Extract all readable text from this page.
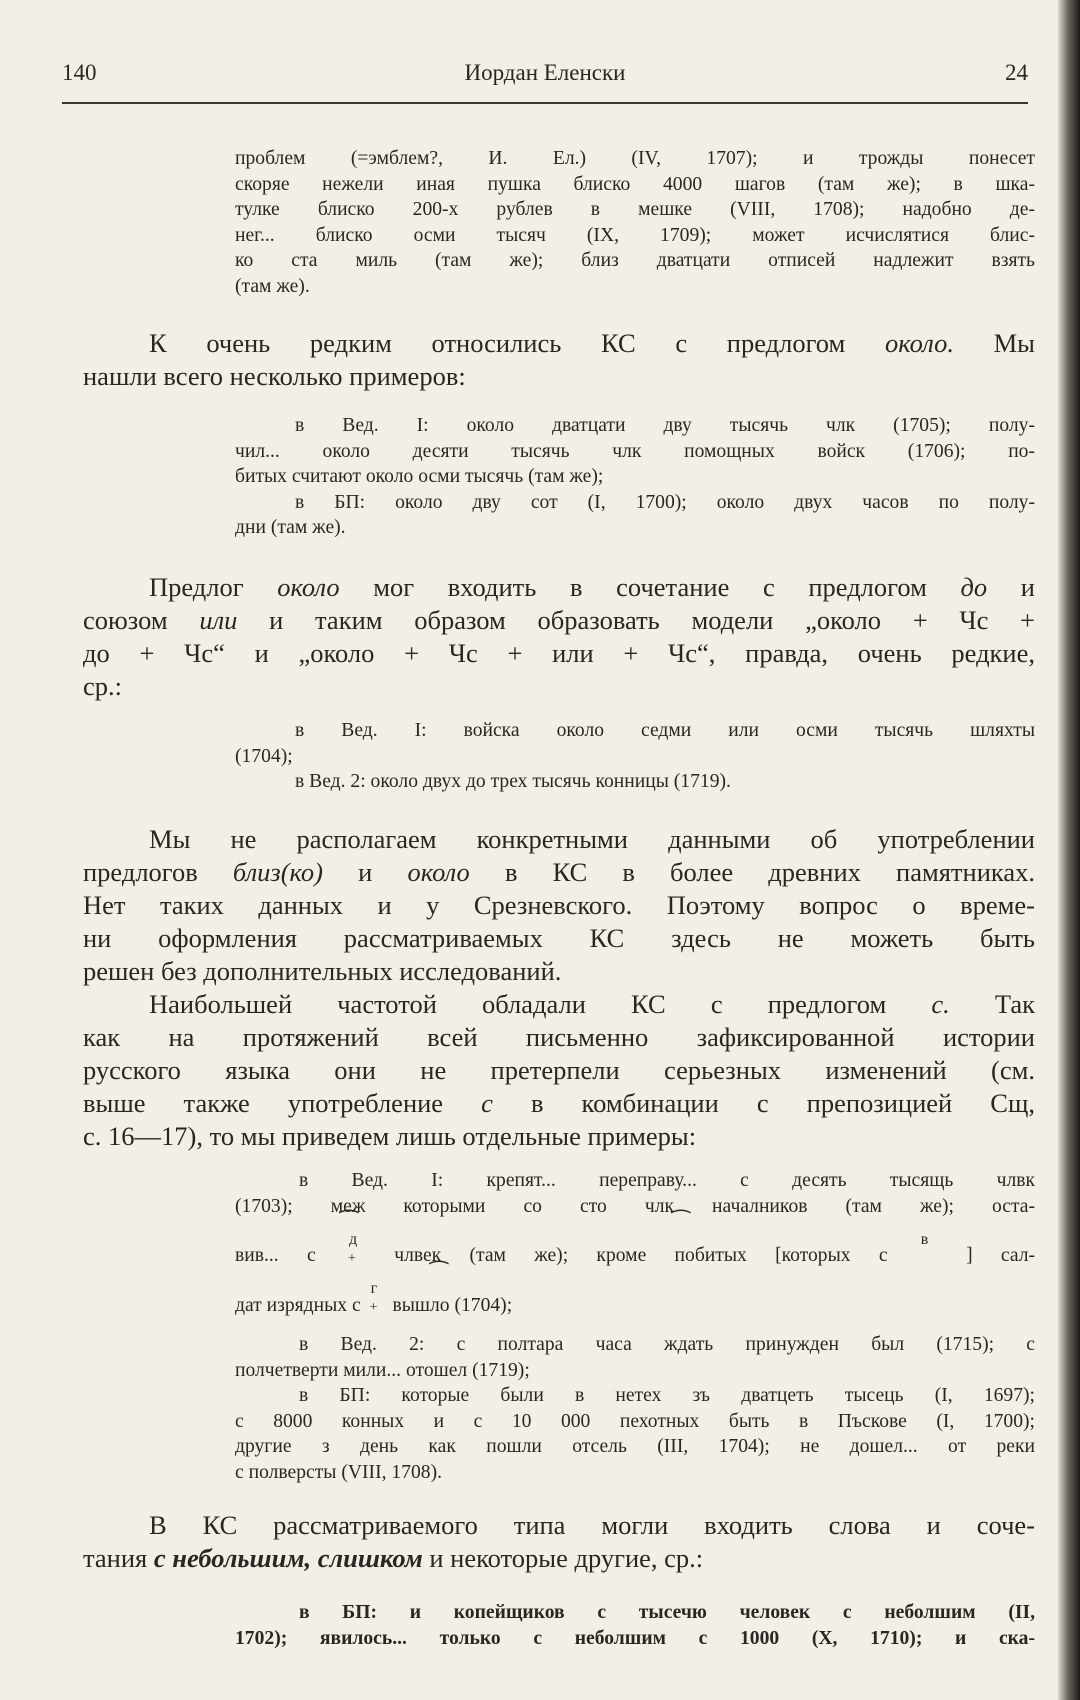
140	Иордан Еленски	24
проблем (=эмблем?, И. Ел.) (IV, 1707); и трожды понесет
скоряе нежели иная пушка блиско 4000 шагов (там же); в шка-
тулке блиско 200-х рублев в мешке (VIII, 1708); надобно де-
нег... блиско осми тысяч (IX, 1709); может исчислятися блис-
ко ста миль (там же); близ дватцати отписей надлежит взять
(там же).
К очень редким относились КС с предлогом около. Мы
нашли всего несколько примеров:
в Вед. I: около дватцати дву тысячь члк (1705); полу-
чил... около десяти тысячь члк помощных войск (1706); по-
битых считают около осми тысячь (там же);
в БП: около дву сот (I, 1700); около двух часов по полу-
дни (там же).
Предлог около мог входить в сочетание с предлогом до и
союзом или и таким образом образовать модели „около + Чс +
до + Чс“ и „около + Чс + или + Чс“, правда, очень редкие,
ср.:
в Вед. I: войска около седми или осми тысячь шляхты
(1704);
в Вед. 2: около двух до трех тысячь конницы (1719).
Мы не располагаем конкретными данными об употреблении
предлогов близ(ко) и около в КС в более древних памятниках.
Нет таких данных и у Срезневского. Поэтому вопрос о време-
ни оформления рассматриваемых КС здесь не можеть быть
решен без дополнительных исследований.
Наибольшей частотой обладали КС с предлогом с. Так
как на протяжений всей письменно зафиксированной истории
русского языка они не претерпели серьезных изменений (см.
выше также употребление с в комбинации с препозицией Сщ,
с. 16—17), то мы приведем лишь отдельные примеры:
в Вед. I: крепят... переправу... с десять тысящь члвк
(1703); меж которыми со сто члк началников (там же); оста-
вив... с
д
+ члвек (там же); кроме побитых [которых с
в
] сал-
дат изрядных с
г
+ вышло (1704);
⁀	⁀
⁀
в Вед. 2: с полтара часа ждать принужден был (1715); с
полчетверти мили... отошел (1719);
в БП: которые были в нетех зъ дватцеть тысець (I, 1697);
с 8000 конных и с 10 000 пехотных быть в Пъскове (I, 1700);
другие з день как пошли отсель (III, 1704); не дошел... от реки
с полверсты (VIII, 1708).
В КС рассматриваемого типа могли входить слова и соче-
тания с небольшим, слишком и некоторые другие, ср.:
в БП: и копейщиков с тысечю человек с неболшим (II,
1702); явилось... только с неболшим с 1000 (X, 1710); и ска-
